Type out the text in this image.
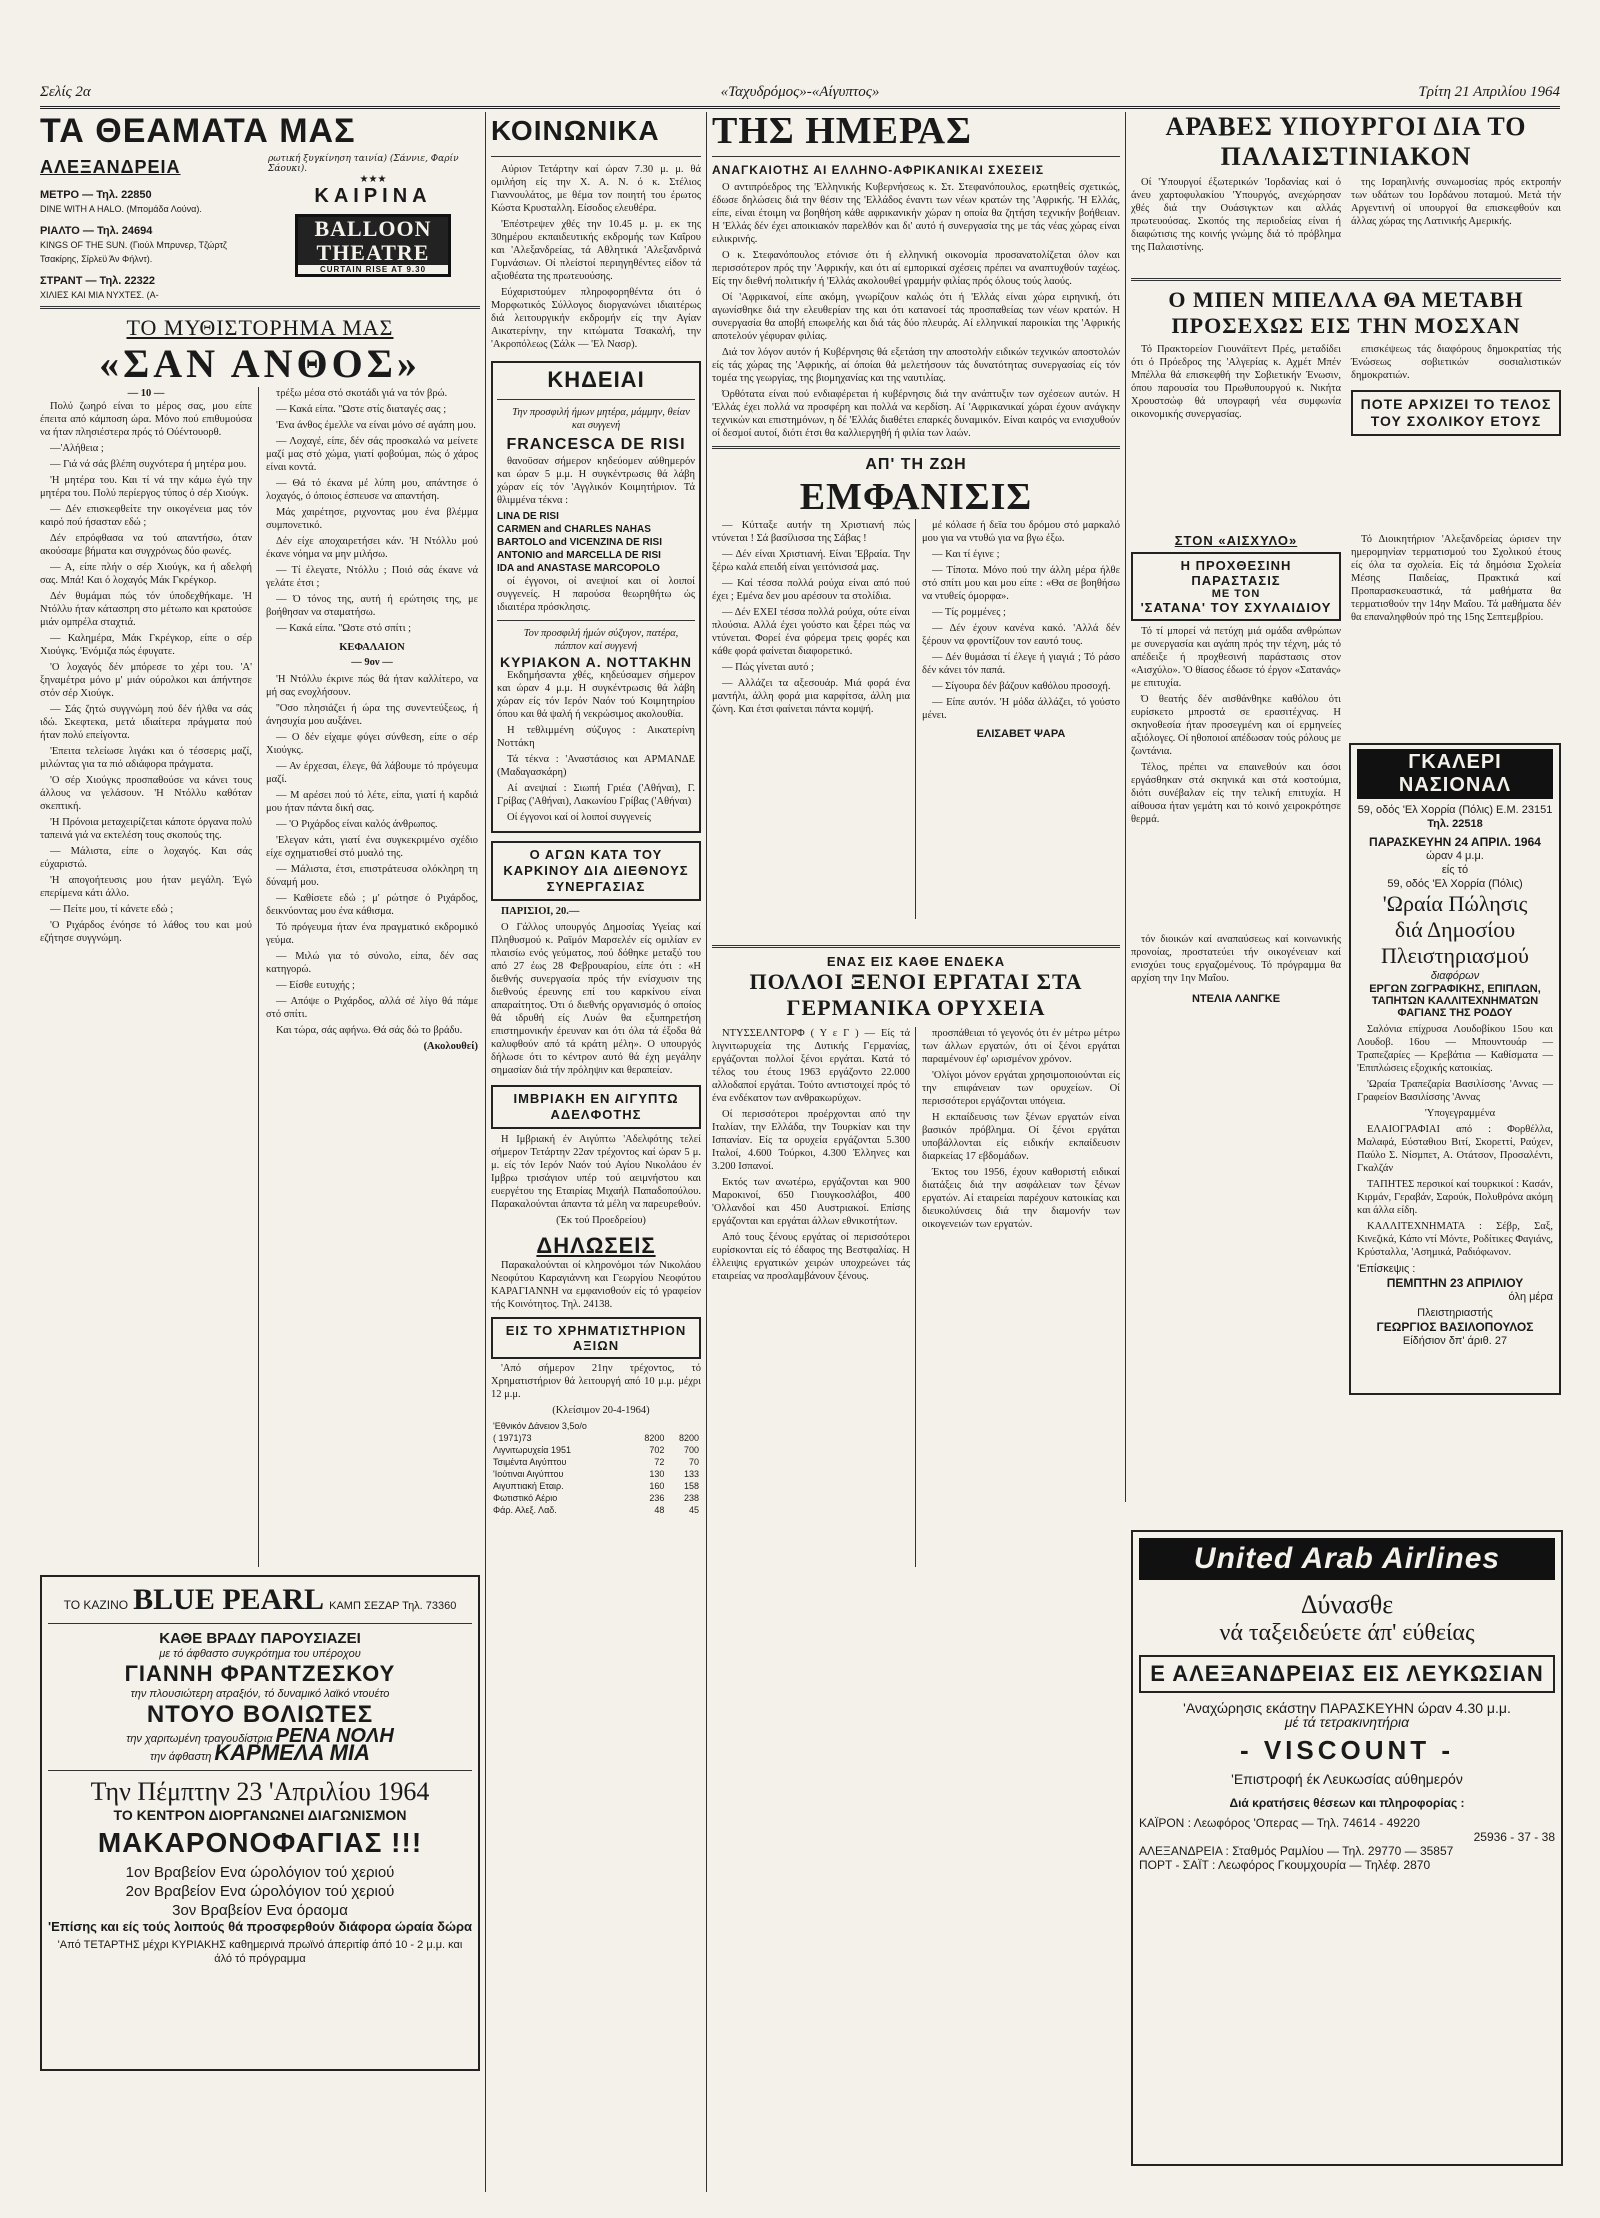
Σελίς 2α	«Ταχυδρόμος»-«Αίγυπτος»	Τρίτη 21 Απριλίου 1964
ΤΑ ΘΕΑΜΑΤΑ ΜΑΣ
ΑΛΕΞΑΝΔΡΕΙΑ
ΜΕΤΡΟ — Τηλ. 22850
DINE WITH A HALO. (Μπομάδα Λούνα).
ΡΙΑΛΤΟ — Τηλ. 24694
KINGS OF THE SUN. (Γιούλ Μπρυνερ, Τζώρτζ Τσακίρης, Σίρλεϋ Άν Φήλντ).
ΣΤΡΑΝΤ — Τηλ. 22322
ΧΙΛΙΕΣ ΚΑΙ ΜΙΑ ΝΥΧΤΕΣ. (Α-
ρωτική ξυγκίνηση ταινία) (Σάννιε, Φαρίν Σάουκι).
★★★
ΚΑΙΡΙΝΑ
BALLOON THEATRE
CURTAIN RISE AT 9.30
ΤΟ ΜΥΘΙΣΤΟΡΗΜΑ ΜΑΣ
«ΣΑΝ ΑΝΘΟΣ»
— 10 —

Πολύ ζωηρό είναι το μέρος σας, μου είπε έπειτα από κάμποση ώρα. Μόνο πού επιθυμούσα να ήταν πλησιέστερα πρός τό Ούέντουορθ.

—'Αλήθεια ;

— Γιά νά σάς βλέπη συχνότερα ή μητέρα μου.

'Η μητέρα του. Και τί νά την κάμω έγώ την μητέρα του. Πολύ περίεργος τύπος ό σέρ Χιούγκ.

— Δέν επισκεφθείτε την οικογένεια μας τόν καιρό πού ήσασταν εδώ ;

Δέν επρόφθασα να τού απαντήσω, όταν ακούσαμε βήματα και συγχρόνως δύο φωνές.

— Α, είπε πλήν ο σέρ Χιούγκ, κα ή αδελφή σας. Μπά! Και ό λοχαγός Μάκ Γκρέγκορ.

Δέν θυμάμαι πώς τόν ύποδεχθήκαμε. 'Η Ντόλλυ ήταν κάτασπρη στο μέτωπο και κρατούσε μιάν ομπρέλα σταχτιά.

— Καλημέρα, Μάκ Γκρέγκορ, είπε ο σέρ Χιούγκς. 'Ενόμιζα πώς έφυγατε.

'Ο λοχαγός δέν μπόρεσε το χέρι του. 'Α' ξηναμέτρα μόνο μ' μιάν ούρολκοι και άπήντησε στόν σέρ Χιούγκ.

— Σάς ζητώ συγγνώμη πού δέν ήλθα να σάς ιδώ. Σκεφτεκα, μετά ιδιαίτερα πράγματα πού ήταν πολύ επείγοντα.

'Επειτα τελείωσε λιγάκι και ό τέσσερις μαζί, μιλώντας για τα πιό αδιάφορα πράγματα.

'Ο σέρ Χιούγκς προσπαθούσε να κάνει τους άλλους να γελάσουν. 'Η Ντόλλυ καθόταν σκεπτική.

'Η Πρόνοια μεταχειρίζεται κάποτε όργανα πολύ ταπεινά γιά να εκτελέση τους σκοπούς της.

— Μάλιστα, είπε ο λοχαγός. Και σάς εύχαριστώ.

'Η απογοήτευσις μου ήταν μεγάλη. Έγώ επερίμενα κάτι άλλο.

— Πείτε μου, τί κάνετε εδώ ;

'Ο Ριχάρδος ένόησε τό λάθος του και μού εζήτησε συγγνώμη.

τρέξω μέσα στό σκοτάδι γιά να τόν βρώ.

— Κακά είπα. ''Ωστε στίς διαταγές σας ;

'Ενα άνθος έμελλε να είναι μόνο σέ αγάπη μου.

— Λοχαγέ, είπε, δέν σάς προσκαλώ να μείνετε μαζί μας στό χώμα, γιατί φοβούμαι, πώς ό χάρος είναι κοντά.

— Θά τό έκανα μέ λύπη μου, απάντησε ό λοχαγός, ό όποιος έσπευσε να απαντήση.

Μάς χαιρέτησε, ριχνοντας μου ένα βλέμμα συμπονετικό.

Δέν είχε αποχαιρετήσει κάν. 'Η Ντόλλυ μού έκανε νόημα να μην μιλήσω.

— Τί έλεγατε, Ντόλλυ ; Ποιό σάς έκανε νά γελάτε έτσι ;

— Ό τόνος της, αυτή ή ερώτησις της, με βοήθησαν να σταματήσω.

— Κακά είπα. ''Ωστε στό σπίτι ;

ΚΕΦΑΛΑΙΟΝ
— 9ον —

'Η Ντόλλυ έκρινε πώς θά ήταν καλλίτερο, να μή σας ενοχλήσουν.

''Οσο πλησιάζει ή ώρα της συνεντεύξεως, ή άνησυχία μου αυξάνει.

— Ο δέν είχαμε φύγει σύνθεση, είπε ο σέρ Χιούγκς.

— Αν έρχεσαι, έλεγε, θά λάβουμε τό πρόγευμα μαζί.

— Μ αρέσει πού τό λέτε, είπα, γιατί ή καρδιά μου ήταν πάντα δική σας.

— 'Ο Ριχάρδος είναι καλός άνθρωπος.

'Ελεγαν κάτι, γιατί ένα συγκεκριμένο σχέδιο είχε σχηματισθεί στό μυαλό της.

— Μάλιστα, έτσι, επιστράτευσα ολόκληρη τη δύναμή μου.

— Καθίσετε εδώ ; μ' ρώτησε ό Ριχάρδος, δεικνύοντας μου ένα κάθισμα.

Τό πρόγευμα ήταν ένα πραγματικό εκδρομικό γεύμα.

— Μιλώ για τό σύνολο, είπα, δέν σας κατηγορώ.

— Είσθε ευτυχής ;

— Απόψε ο Ριχάρδος, αλλά σέ λίγο θά πάμε στό σπίτι.

Και τώρα, σάς αφήνω. Θά σάς δώ το βράδυ.

(Ακολουθεί)
ΤΟ ΚΑΖΙΝΟ BLUE PEARL ΚΑΜΠ ΣΕΖΑΡ Τηλ. 73360
ΚΑΘΕ ΒΡΑΔΥ ΠΑΡΟΥΣΙΑΖΕΙ
με τό άφθαστο συγκρότημα του υπέροχου
ΓΙΑΝΝΗ ΦΡΑΝΤΖΕΣΚΟΥ
την πλουσιώτερη ατραξιόν, τό δυναμικό λαϊκό ντουέτο
ΝΤΟΥΟ ΒΟΛΙΩΤΕΣ
την χαριτωμένη τραγουδίστρια ΡΕΝΑ ΝΟΛΗ
την άφθαστη ΚΑΡΜΕΛΑ ΜΙΑ
Την Πέμπτην 23 'Απριλίου 1964
ΤΟ ΚΕΝΤΡΟΝ ΔΙΟΡΓΑΝΩΝΕΙ ΔΙΑΓΩΝΙΣΜΟΝ
ΜΑΚΑΡΟΝΟΦΑΓΙΑΣ !!!
1ον Βραβείον Ενα ώρολόγιον τού χεριού
2ον Βραβείον Ενα ώρολόγιον τού χεριού
3ον Βραβείον Ενα όραομα
'Επίσης και είς τούς λοιπούς θά προσφερθούν διάφορα ώραία δώρα
'Από ΤΕΤΑΡΤΗΣ μέχρι ΚΥΡΙΑΚΗΣ καθημερινά πρωϊνό άπεριτίφ άπό 10 - 2 μ.μ. και άλό τό πρόγραμμα
ΚΟΙΝΩΝΙΚΑ

Αύριον Τετάρτην καί ώραν 7.30 μ. μ. θά ομιλήση είς την Χ. Α. Ν. ό κ. Στέλιος Γιαννουλάτος, με θέμα τον ποιητή του έρωτος Κώστα Κρυσταλλη. Είσοδος ελευθέρα.

'Επέστρεψεν χθές την 10.45 μ. μ. εκ της 30ημέρου εκπαιδευτικής εκδρομής των Καΐρου και 'Αλεξανδρείας, τά Αθλητικά 'Αλεξανδρινά Γυμνάσιων. Οί πλείστοί περιηγηθέντες είδον τά αξιοθέατα της πρωτευούσης.

Εύχαριστούμεν πληροφορηθέντα ότι ό Μορφωτικός Σύλλογος διοργανώνει ιδιαιτέρως διά λειτουργικήν εκδρομήν είς την Αγίαν Αικατερίνην, την κιτώματα Τσακαλή, την 'Ακροπόλεως (Σάλκ — 'Ελ Νασρ).

ΚΗΔΕΙΑΙ

Την προσφιλή ήμων μητέρα, μάμμην, θείαν και συγγενή

FRANCESCA DE RISI

θανοϋσαν σήμερον κηδεύομεν αύθημερόν και ώραν 5 μ.μ. Η συγκέντρωσις θά λάβη χώραν είς τόν 'Αγγλικόν Κοιμητήριον. Τά θλιμμένα τέκνα :

LINA DE RISI
CARMEN and CHARLES NAHAS
BARTOLO and VICENZINA DE RISI
ANTONIO and MARCELLA DE RISI
IDA and ANASTASE MARCOPOLO

οί έγγονοι, οί ανεψιοί και οί λοιποί συγγενείς. Η παρούσα θεωρηθήτω ώς ιδιαιτέρα πρόσκλησις.

Τον προσφιλή ήμών σύζυγον, πατέρα, πάππον καί συγγενή

ΚΥΡΙΑΚΟΝ Α. ΝΟΤΤΑΚΗΝ

Εκδημήσαντα χθές, κηδεύσαμεν σήμερον και ώραν 4 μ.μ. Η συγκέντρωσις θά λάβη χώραν είς τόν Ιερόν Ναόν τού Κοιμητηρίου όπου και θά ψαλή ή νεκρώσιμος ακολουθία.

Η τεθλιμμένη σύζυγος : Αικατερίνη Νοττάκη

Τά τέκνα : 'Αναστάσιος και ΑΡΜΑΝΔΕ (Μαδαγασκάρη)

Αί ανεψιαί : Σιωπή Γριέα ('Αθήναι), Γ. Γρίβας ('Αθήναι), Λακωνίου Γρίβας ('Αθήναι)

Οί έγγονοι καί οί λοιποί συγγενείς

Ο ΑΓΩΝ ΚΑΤΑ ΤΟΥ ΚΑΡΚΙΝΟΥ ΔΙΑ ΔΙΕΘΝΟΥΣ ΣΥΝΕΡΓΑΣΙΑΣ

ΠΑΡΙΣΙΟΙ, 20.—

Ο Γάλλος υπουργός Δημοσίας Υγείας καί Πληθυσμού κ. Ραϊμόν Μαρσελέν είς ομιλίαν εν πλαισίω ενός γεύματος, πού δόθηκε μεταξύ του από 27 έως 28 Φεβρουαρίου, είπε ότι : «Η διεθνής συνεργασία πρός τήν ενίσχυσιν της διεθνούς έρευνης επί του καρκίνου είναι απαραίτητος. Ότι ό διεθνής οργανισμός ό οποίος θά ιδρυθή είς Λυών θα εξυπηρετήση επιστημονικήν έρευναν και ότι όλα τά έξοδα θά καλυφθούν από τά κράτη μέλη». Ο υπουργός δήλωσε ότι το κέντρον αυτό θά έχη μεγάλην σημασίαν διά τήν πρόληψιν και θεραπείαν.

ΙΜΒΡΙΑΚΗ ΕΝ ΑΙΓΥΠΤΩ ΑΔΕΛΦΟΤΗΣ

Η Ιμβριακή έν Αιγύπτω 'Αδελφότης τελεί σήμερον Τετάρτην 22αν τρέχοντος καί ώραν 5 μ. μ. είς τόν Ιερόν Ναόν τού Αγίου Νικολάου έν Ιμβρω τρισάγιον υπέρ τού αειμνήστου και ευεργέτου της Εταιρίας Μιχαήλ Παπαδοπούλου. Παρακαλούνται άπαντα τά μέλη να παρευρεθούν.

(Έκ τού Προεδρείου)

ΔΗΛΩΣΕΙΣ

Παρακαλούνται οί κληρονόμοι τών Νικολάου Νεοφύτου Καραγιάννη και Γεωργίου Νεοφύτου ΚΑΡΑΓΙΑΝΝΗ να εμφανισθούν είς τό γραφείον τής Κοινότητος. Τηλ. 24138.

ΕΙΣ ΤΟ ΧΡΗΜΑΤΙΣΤΗΡΙΟΝ ΑΞΙΩΝ

'Από σήμερον 21ην τρέχοντος, τό Χρηματιστήριον θά λειτουργή από 10 μ.μ. μέχρι 12 μ.μ.

(Κλείσιμον 20-4-1964)

'Εθνικόν Δάνειον 3,5ο/ο		
( 1971)73	8200	8200
Λιγνιτωρυχεία 1951	702	700
Τσιμέντα Αιγύπτου	72	70
'Ιούτιναι Αιγύπτου	130	133
Αιγυπτιακή Εταιρ.	160	158
Φωτιστικό Αέριο	236	238
Φάρ. Αλεξ. Λαδ.	48	45
ΤΗΣ ΗΜΕΡΑΣ
ΑΝΑΓΚΑΙΟΤΗΣ ΑΙ ΕΛΛΗΝΟ-ΑΦΡΙΚΑΝΙΚΑΙ ΣΧΕΣΕΙΣ

Ο αντιπρόεδρος της 'Ελληνικής Κυβερνήσεως κ. Στ. Στεφανόπουλος, ερωτηθείς σχετικώς, έδωσε δηλώσεις διά την θέσιν της 'Ελλάδος έναντι των νέων κρατών της 'Αφρικής. 'Η Ελλάς, είπε, είναι έτοιμη να βοηθήση κάθε αφρικανικήν χώραν η οποία θα ζητήση τεχνικήν βοήθειαν. Η 'Ελλάς δέν έχει αποικιακόν παρελθόν και δι' αυτό ή συνεργασία της με τάς νέας χώρας είναι ειλικρινής.

Ο κ. Στεφανόπουλος ετόνισε ότι ή ελληνική οικονομία προσανατολίζεται όλον και περισσότερον πρός την 'Αφρικήν, και ότι αί εμπορικαί σχέσεις πρέπει να αναπτυχθούν ταχέως. Είς την διεθνή πολιτικήν ή 'Ελλάς ακολουθεί γραμμήν φιλίας πρός όλους τούς λαούς.

Οί 'Αφρικανοί, είπε ακόμη, γνωρίζουν καλώς ότι ή 'Ελλάς είναι χώρα ειρηνική, ότι αγωνίσθηκε διά την ελευθερίαν της και ότι κατανοεί τάς προσπαθείας των νέων κρατών. Η συνεργασία θα αποβή επωφελής και διά τάς δύο πλευράς. Αί ελληνικαί παροικίαι της 'Αφρικής αποτελούν γέφυραν φιλίας.

Διά τον λόγον αυτόν ή Κυβέρνησις θά εξετάση την αποστολήν ειδικών τεχνικών αποστολών είς τάς χώρας της 'Αφρικής, αί όποίαι θά μελετήσουν τάς δυνατότητας συνεργασίας είς τόν τομέα της γεωργίας, της βιομηχανίας και της ναυτιλίας.

Όρθότατα είναι πού ενδιαφέρεται ή κυβέρνησις διά την ανάπτυξιν των σχέσεων αυτών. Η 'Ελλάς έχει πολλά να προσφέρη και πολλά να κερδίση. Αί 'Αφρικανικαί χώραι έχουν ανάγκην τεχνικών και επιστημόνων, η δέ 'Ελλάς διαθέτει επαρκές δυναμικόν. Είναι καιρός να ενισχυθούν οί δεσμοί αυτοί, διότι έτσι θα καλλιεργηθή ή φιλία των λαών.

ΑΠ' ΤΗ ΖΩΗ
ΕΜΦΑΝΙΣΙΣ

— Κύτταξε αυτήν τη Χριστιανή πώς ντύνεται ! Σά βασίλισσα της Σάβας !

— Δέν είναι Χριστιανή. Είναι 'Εβραία. Την ξέρω καλά επειδή είναι γειτόνισσά μας.

— Καί τέσσα πολλά ρούχα είναι από πού έχει ; Εμένα δεν μου αρέσουν τα στολίδια.

— Δέν ΕΧΕΙ τέσσα πολλά ρούχα, ούτε είναι πλούσια. Αλλά έχει γούστο και ξέρει πώς να ντύνεται. Φορεί ένα φόρεμα τρεις φορές και κάθε φορά φαίνεται διαφορετικό.

— Πώς γίνεται αυτό ;

— Αλλάζει τα αξεσουάρ. Μιά φορά ένα μαντήλι, άλλη φορά μια καρφίτσα, άλλη μια ζώνη. Και έτσι φαίνεται πάντα κομψή.

μέ κόλασε ή δεϊα του δρόμου στό μαρκαλό μου για να ντυθώ για να βγω έξω.

— Και τί έγινε ;

— Τίποτα. Μόνο πού την άλλη μέρα ήλθε στό σπίτι μου και μου είπε : «Θα σε βοηθήσω να ντυθείς όμορφα».

— Τίς ρομμένες ;

— Δέν έχουν κανένα κακό. 'Αλλά δέν ξέρουν να φροντίζουν τον εαυτό τους.

— Δέν θυμάσαι τί έλεγε ή γιαγιά ; Τό ράσο δέν κάνει τόν παπά.

— Σίγουρα δέν βάζουν καθόλου προσοχή.

— Είπε αυτόν. 'Η μόδα άλλάζει, τό γούστο μένει.

ΕΛΙΣΑΒΕΤ ΨΑΡΑ
ΕΝΑΣ ΕΙΣ ΚΑΘΕ ΕΝΔΕΚΑ
ΠΟΛΛΟΙ ΞΕΝΟΙ ΕΡΓΑΤΑΙ ΣΤΑ ΓΕΡΜΑΝΙΚΑ ΟΡΥΧΕΙΑ

ΝΤΥΣΣΕΛΝΤΟΡΦ ( Υ ε Γ ) — Είς τά λιγνιτωρυχεία της Δυτικής Γερμανίας, εργάζονται πολλοί ξένοι εργάται. Κατά τό τέλος του έτους 1963 εργάζοντο 22.000 αλλοδαποί εργάται. Τούτο αντιστοιχεί πρός τό ένα ενδέκατον των ανθρακωρύχων.

Οί περισσότεροι προέρχονται από την Ιταλίαν, την Ελλάδα, την Τουρκίαν και την Ισπανίαν. Είς τα ορυχεία εργάζονται 5.300 Ιταλοί, 4.600 Τούρκοι, 4.300 Έλληνες και 3.200 Ισπανοί.

Εκτός των ανωτέρω, εργάζονται και 900 Μαροκινοί, 650 Γιουγκοσλάβοι, 400 'Ολλανδοί και 450 Αυστριακοί. Επίσης εργάζονται και εργάται άλλων εθνικοτήτων.

Από τους ξένους εργάτας οί περισσότεροι ευρίσκονται είς τό έδαφος της Βεστφαλίας. Η έλλειψις εργατικών χειρών υποχρεώνει τάς εταιρείας να προσλαμβάνουν ξένους.

προσπάθειαι τό γεγονός ότι έν μέτρω μέτρω των άλλων εργατών, ότι οί ξένοι εργάται παραμένουν έφ' ωρισμένον χρόνον.

'Ολίγοι μόνον εργάται χρησιμοποιούνται είς την επιφάνειαν των ορυχείων. Οί περισσότεροι εργάζονται υπόγεια.

Η εκπαίδευσις των ξένων εργατών είναι βασικόν πρόβλημα. Οί ξένοι εργάται υποβάλλονται είς ειδικήν εκπαίδευσιν διαρκείας 17 εβδομάδων.

Έκτος του 1956, έχουν καθοριστή ειδικαί διατάξεις διά την ασφάλειαν των ξένων εργατών. Αί εταιρείαι παρέχουν κατοικίας και διευκολύνσεις διά την διαμονήν των οικογενειών των εργατών.

ΑΡΑΒΕΣ ΥΠΟΥΡΓΟΙ ΔΙΑ ΤΟ ΠΑΛΑΙΣΤΙΝΙΑΚΟΝ

Οί 'Υπουργοί έξωτερικών 'Ιορδανίας καί ό άνευ χαρτοφυλακίου 'Υπουργός, ανεχώρησαν χθές διά την Ουάσιγκτων και αλλάς πρωτευούσας. Σκοπός της περιοδείας είναι ή διαφώτισις της κοινής γνώμης διά τό πρόβλημα της Παλαιστίνης.

της Ισραηλινής συνωμοσίας πρός εκτροπήν των υδάτων του Ιορδάνου ποταμού. Μετά τήν Αργεντινή οί υπουργοί θα επισκεφθούν και άλλας χώρας της Λατινικής Αμερικής.

Ο ΜΠΕΝ ΜΠΕΛΛΑ ΘΑ ΜΕΤΑΒΗ ΠΡΟΣΕΧΩΣ ΕΙΣ ΤΗΝ ΜΟΣΧΑΝ

Τό Πρακτορείον Γιουνάϊτεντ Πρές, μεταδίδει ότι ό Πρόεδρος της 'Αλγερίας κ. Αχμέτ Μπέν Μπέλλα θά επισκεφθή την Σοβιετικήν Ένωσιν, όπου παρουσία του Πρωθυπουργού κ. Νικήτα Χρουστσώφ θά υπογραφή νέα συμφωνία οικονομικής συνεργασίας.

επισκέψεως τάς διαφόρους δημοκρατίας τής Ένώσεως σοβιετικών σοσιαλιστικών δημοκρατιών.

ΠΟΤΕ ΑΡΧΙΖΕΙ ΤΟ ΤΕΛΟΣ ΤΟΥ ΣΧΟΛΙΚΟΥ ΕΤΟΥΣ
ΣΤΟΝ «ΑΙΣΧΥΛΟ»
Η ΠΡΟΧΘΕΣΙΝΗ ΠΑΡΑΣΤΑΣΙΣ
ΜΕ ΤΟΝ
'ΣΑΤΑΝΑ' ΤΟΥ ΣΧΥΛΑΙΔΙΟΥ

Τό τί μπορεί νά πετύχη μιά ομάδα ανθρώπων με συνεργασία και αγάπη πρός την τέχνη, μάς τό απέδειξε ή προχθεσινή παράστασις στον «Αισχύλο». 'Ο θίασος έδωσε τό έργον «Σατανάς» με επιτυχία.

Ό θεατής δέν αισθάνθηκε καθόλου ότι ευρίσκετο μπροστά σε ερασιτέχνας. Η σκηνοθεσία ήταν προσεγμένη και οί ερμηνείες αξιόλογες. Οί ηθοποιοί απέδωσαν τούς ρόλους με ζωντάνια.

Τέλος, πρέπει να επαινεθούν και όσοι εργάσθηκαν στά σκηνικά και στά κοστούμια, διότι συνέβαλαν είς την τελική επιτυχία. Η αίθουσα ήταν γεμάτη και τό κοινό χειροκρότησε θερμά.

Τό Διοικητήριον 'Αλεξανδρείας ώρισεν την ημερομηνίαν τερματισμού του Σχολικού έτους είς όλα τα σχολεία. Είς τά δημόσια Σχολεία Μέσης Παιδείας, Πρακτικά καί Προπαρασκευαστικά, τά μαθήματα θα τερματισθούν την 14ην Μαΐου. Τά μαθήματα δέν θα επαναληφθούν πρό της 15ης Σεπτεμβρίου.

τόν διοικών καί αναπαύσεως καί κοινωνικής προνοίας, προστατεύει τήν οικογένειαν καί ενισχύει τους εργαζομένους. Τό πρόγραμμα θα αρχίση την 1ην Μαΐου.

ΝΤΕΛΙΑ ΛΑΝΓΚΕ
ΓΚΑΛΕΡΙ ΝΑΣΙΟΝΑΛ
59, οδός 'Ελ Χορρία (Πόλις) Ε.Μ. 23151 Τηλ. 22518
ΠΑΡΑΣΚΕΥΗΝ 24 ΑΠΡΙΛ. 1964
ώραν 4 μ.μ.
είς τό
59, οδός 'Ελ Χορρία (Πόλις)
'Ωραία Πώλησις
διά Δημοσίου
Πλειστηριασμού
διαφόρων
ΕΡΓΩΝ ΖΩΓΡΑΦΙΚΗΣ, ΕΠΙΠΛΩΝ, ΤΑΠΗΤΩΝ ΚΑΛΛΙΤΕΧΝΗΜΑΤΩΝ ΦΑΓΙΑΝΣ ΤΗΣ ΡΟΔΟΥ

Σαλόνια επίχρυσα Λουδοβίκου 15ου και Λουδοβ. 16ου — Μπουντουάρ — Τραπεζαρίες — Κρεβάτια — Καθίσματα — 'Επιπλώσεις εξοχικής κατοικίας.

'Ωραία Τραπεζαρία Βασιλίσσης 'Αννας — Γραφείον Βασιλίσσης 'Αννας

'Υπογεγραμμένα

ΕΛΑΙΟΓΡΑΦΙΑΙ από : Φορθέλλα, Μαλαφά, Εύσταθιου Βιτί, Σκορεττί, Ραύχεν, Παύλο Σ. Νίσμπετ, Α. Οτάτσον, Προσαλέντι, Γκαλζάν

ΤΑΠΗΤΕΣ περσικοί καί τουρκικοί : Κασάν, Κιρμάν, Γεραβάν, Σαρούκ, Πολυθρόνα ακόμη και άλλα είδη.

ΚΑΛΛΙΤΕΧΝΗΜΑΤΑ : Σέβρ, Σαξ, Κινεζικά, Κάπο ντί Μόντε, Ροδίτικες Φαγιάνς, Κρύσταλλα, 'Ασημικά, Ραδιόφωνον.

'Επίσκεψις :
ΠΕΜΠΤΗΝ 23 ΑΠΡΙΛΙΟΥ
όλη μέρα
Πλειστηριαστής
ΓΕΩΡΓΙΟΣ ΒΑΣΙΛΟΠΟΥΛΟΣ
Είδήσιον δπ' άριθ. 27
United Arab Airlines
Δύνασθε
νά ταξειδεύετε άπ' εύθείας
Ε ΑΛΕΞΑΝΔΡΕΙΑΣ ΕΙΣ ΛΕΥΚΩΣΙΑΝ
'Αναχώρησις εκάστην ΠΑΡΑΣΚΕΥΗΝ ώραν 4.30 μ.μ.
μέ τά τετρακινητήρια
- VISCOUNT -
'Επιστροφή έκ Λευκωσίας αύθημερόν
Διά κρατήσεις θέσεων και πληροφορίας :
ΚΑΪΡΟΝ : Λεωφόρος 'Οπερας — Τηλ. 74614 - 49220
25936 - 37 - 38
ΑΛΕΞΑΝΔΡΕΙΑ : Σταθμός Ραμλίου — Τηλ. 29770 — 35857
ΠΟΡΤ - ΣΑΪΤ : Λεωφόρος Γκουμχουρία — Τηλέφ. 2870
